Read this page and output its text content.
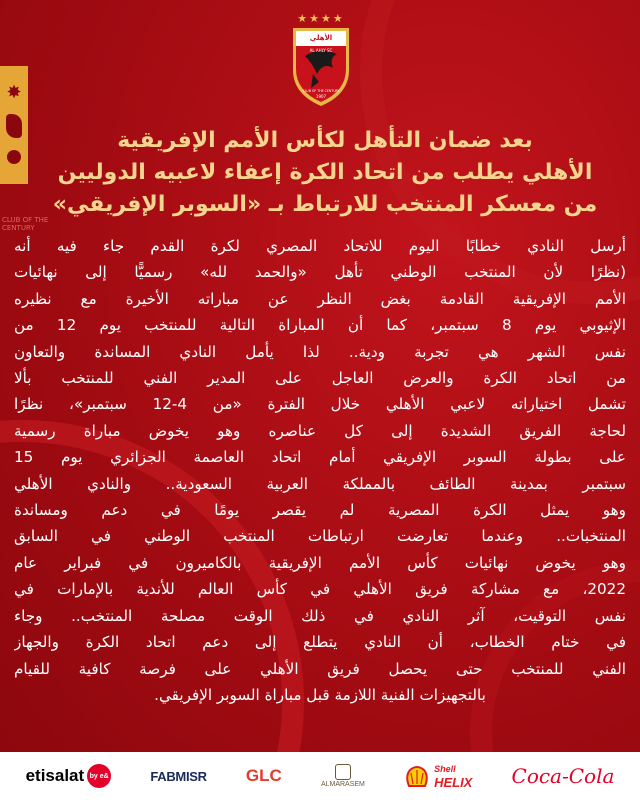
✸
CLUB OF THE CENTURY
★★★★
الأهلي
AL AHLY SC
CLUB OF THE CENTURY
1907
بعد ضمان التأهل لكأس الأمم الإفريقية
الأهلي يطلب من اتحاد الكرة إعفاء لاعبيه الدوليين
من معسكر المنتخب للارتباط بـ «السوبر الإفريقي»
أرسل النادي خطابًا اليوم للاتحاد المصري لكرة القدم جاء فيه أنه
(نظرًا لأن المنتخب الوطني تأهل «والحمد لله» رسميًّا إلى نهائيات
الأمم الإفريقية القادمة بغض النظر عن مباراته الأخيرة مع نظيره
الإثيوبي يوم 8 سبتمبر، كما أن المباراة التالية للمنتخب يوم 12 من
نفس الشهر هي تجربة ودية.. لذا يأمل النادي المساندة والتعاون
من اتحاد الكرة والعرض العاجل على المدير الفني للمنتخب بألا
تشمل اختياراته لاعبي الأهلي خلال الفترة «من 4-12 سبتمبر»، نظرًا
لحاجة الفريق الشديدة إلى كل عناصره وهو يخوض مباراة رسمية
على بطولة السوبر الإفريقي أمام اتحاد العاصمة الجزائري يوم 15
سبتمبر بمدينة الطائف بالمملكة العربية السعودية.. والنادي الأهلي
وهو يمثل الكرة المصرية لم يقصر يومًا في دعم ومساندة
المنتخبات.. وعندما تعارضت ارتباطات المنتخب الوطني في السابق
وهو يخوض نهائيات كأس الأمم الإفريقية بالكاميرون في فبراير عام
2022، مع مشاركة فريق الأهلي في كأس العالم للأندية بالإمارات في
نفس التوقيت، آثر النادي في ذلك الوقت مصلحة المنتخب.. وجاء
في ختام الخطاب، أن النادي يتطلع إلى دعم اتحاد الكرة والجهاز
الفني للمنتخب حتى يحصل فريق الأهلي على فرصة كافية للقيام
بالتجهيزات الفنية اللازمة قبل مباراة السوبر الإفريقي.
etisalat by e&	FABMISR GLC	ALMARASEM
Shell
HELIX Coca-Cola
